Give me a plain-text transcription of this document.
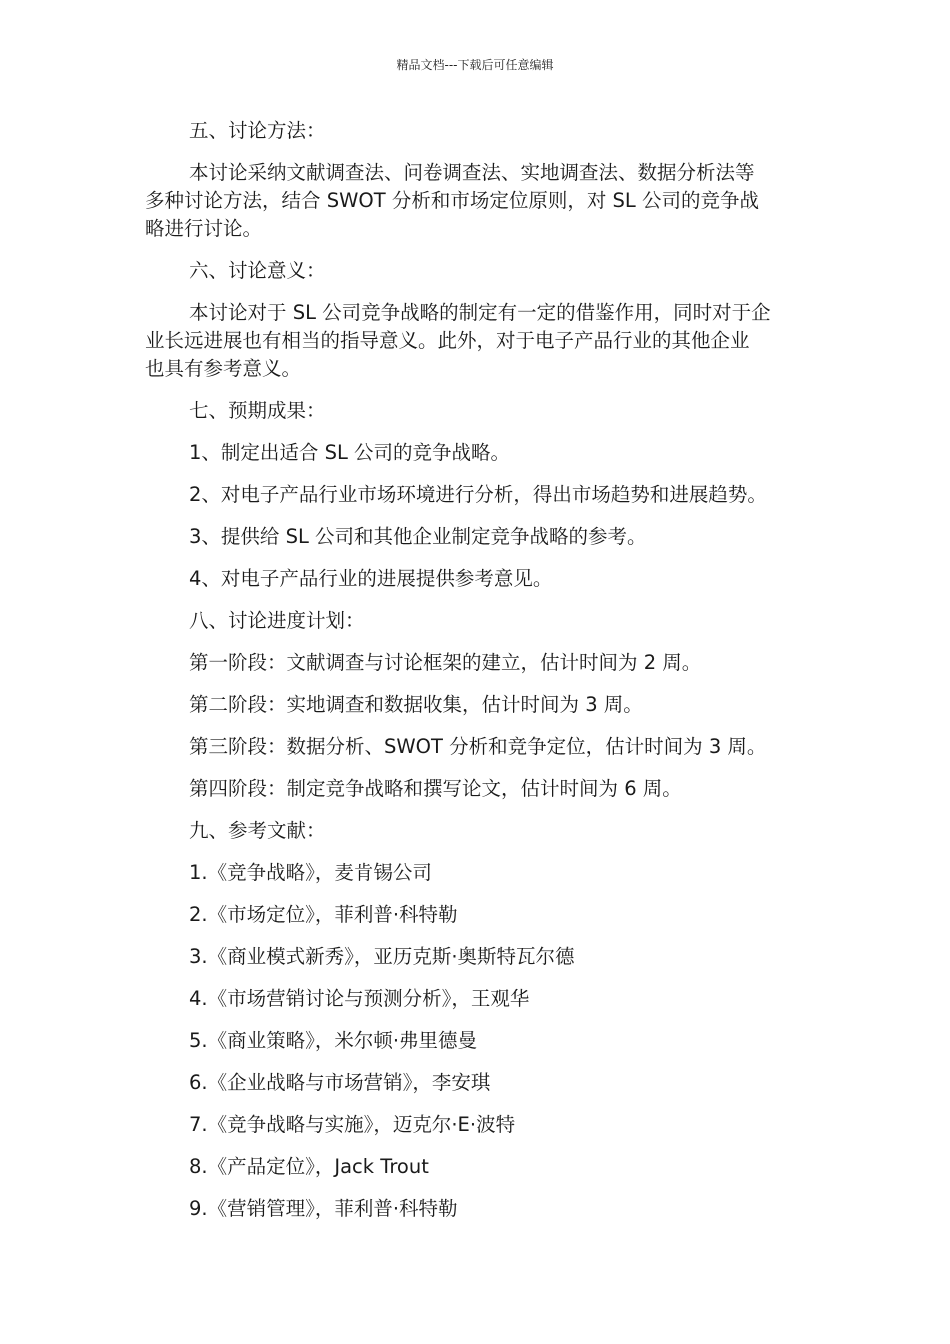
精品文档---下载后可任意编辑

五、讨论方法：

本讨论采纳文献调查法、问卷调查法、实地调查法、数据分析法等

多种讨论方法，结合 SWOT 分析和市场定位原则，对 SL 公司的竞争战

略进行讨论。

六、讨论意义：

本讨论对于 SL 公司竞争战略的制定有一定的借鉴作用，同时对于企

业长远进展也有相当的指导意义。此外，对于电子产品行业的其他企业

也具有参考意义。

七、预期成果：

1、制定出适合 SL 公司的竞争战略。

2、对电子产品行业市场环境进行分析，得出市场趋势和进展趋势。

3、提供给 SL 公司和其他企业制定竞争战略的参考。

4、对电子产品行业的进展提供参考意见。

八、讨论进度计划：

第一阶段：文献调查与讨论框架的建立，估计时间为 2 周。

第二阶段：实地调查和数据收集，估计时间为 3 周。

第三阶段：数据分析、SWOT 分析和竞争定位，估计时间为 3 周。

第四阶段：制定竞争战略和撰写论文，估计时间为 6 周。

九、参考文献：

1.《竞争战略》，麦肯锡公司

2.《市场定位》，菲利普·科特勒

3.《商业模式新秀》，亚历克斯·奥斯特瓦尔德

4.《市场营销讨论与预测分析》，王观华

5.《商业策略》，米尔顿·弗里德曼

6.《企业战略与市场营销》，李安琪

7.《竞争战略与实施》，迈克尔·E·波特

8.《产品定位》，Jack Trout

9.《营销管理》，菲利普·科特勒
